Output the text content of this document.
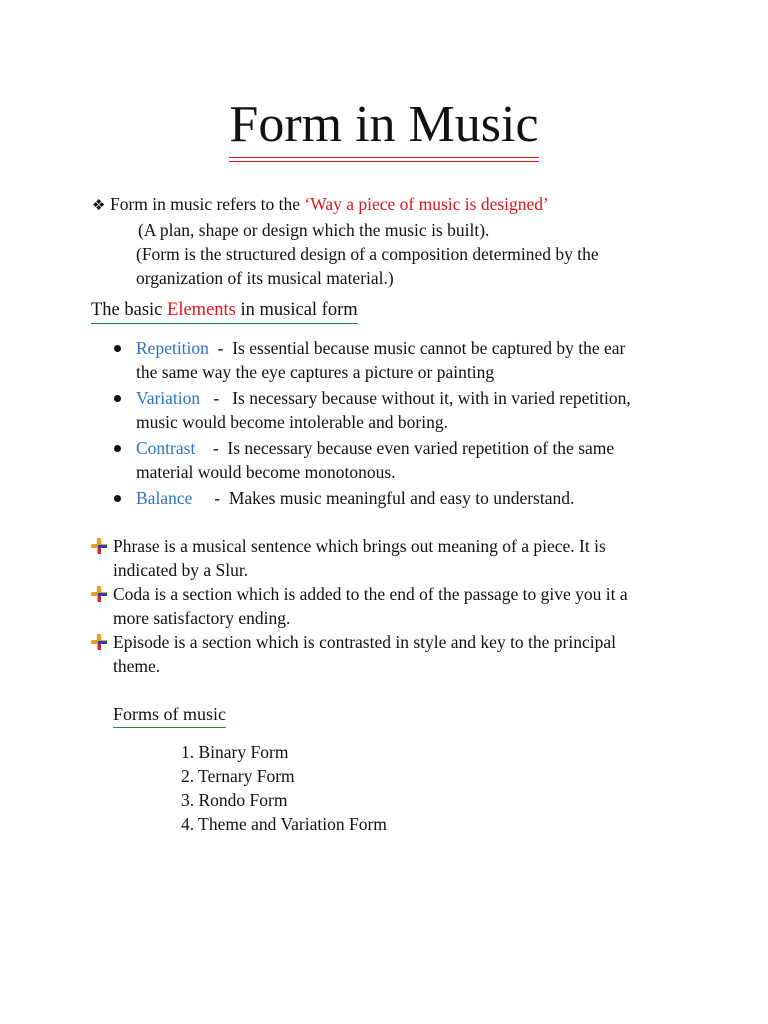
Form in Music
❖ Form in music refers to the ‘Way a piece of music is designed’
(A plan, shape or design which the music is built).
(Form is the structured design of a composition determined by the
organization of its musical material.)
The basic Elements in musical form
Repetition  -  Is essential because music cannot be captured by the ear
the same way the eye captures a picture or painting
Variation   -   Is necessary because without it, with in varied repetition,
music would become intolerable and boring.
Contrast    -  Is necessary because even varied repetition of the same
material would become monotonous.
Balance     -  Makes music meaningful and easy to understand.
Phrase is a musical sentence which brings out meaning of a piece. It is
indicated by a Slur.
Coda is a section which is added to the end of the passage to give you it a
more satisfactory ending.
Episode is a section which is contrasted in style and key to the principal
theme.
Forms of music
1. Binary Form
2. Ternary Form
3. Rondo Form
4. Theme and Variation Form
